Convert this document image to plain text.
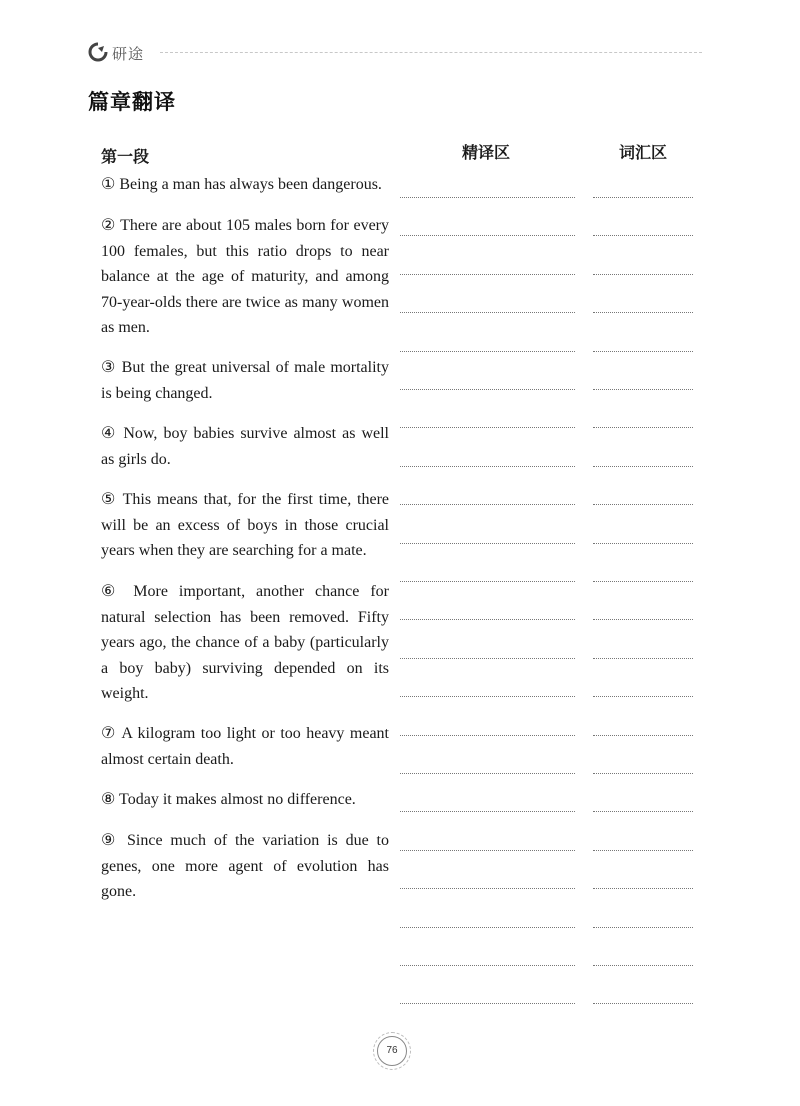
研途
篇章翻译
第一段	精译区	词汇区
① Being a man has always been dangerous.
② There are about 105 males born for every 100 females, but this ratio drops to near balance at the age of maturity, and among 70-year-olds there are twice as many women as men.
③ But the great universal of male mortality is being changed.
④ Now, boy babies survive almost as well as girls do.
⑤ This means that, for the first time, there will be an excess of boys in those crucial years when they are searching for a mate.
⑥ More important, another chance for natural selection has been removed. Fifty years ago, the chance of a baby (particularly a boy baby) surviving depended on its weight.
⑦ A kilogram too light or too heavy meant almost certain death.
⑧ Today it makes almost no difference.
⑨ Since much of the variation is due to genes, one more agent of evolution has gone.
76
